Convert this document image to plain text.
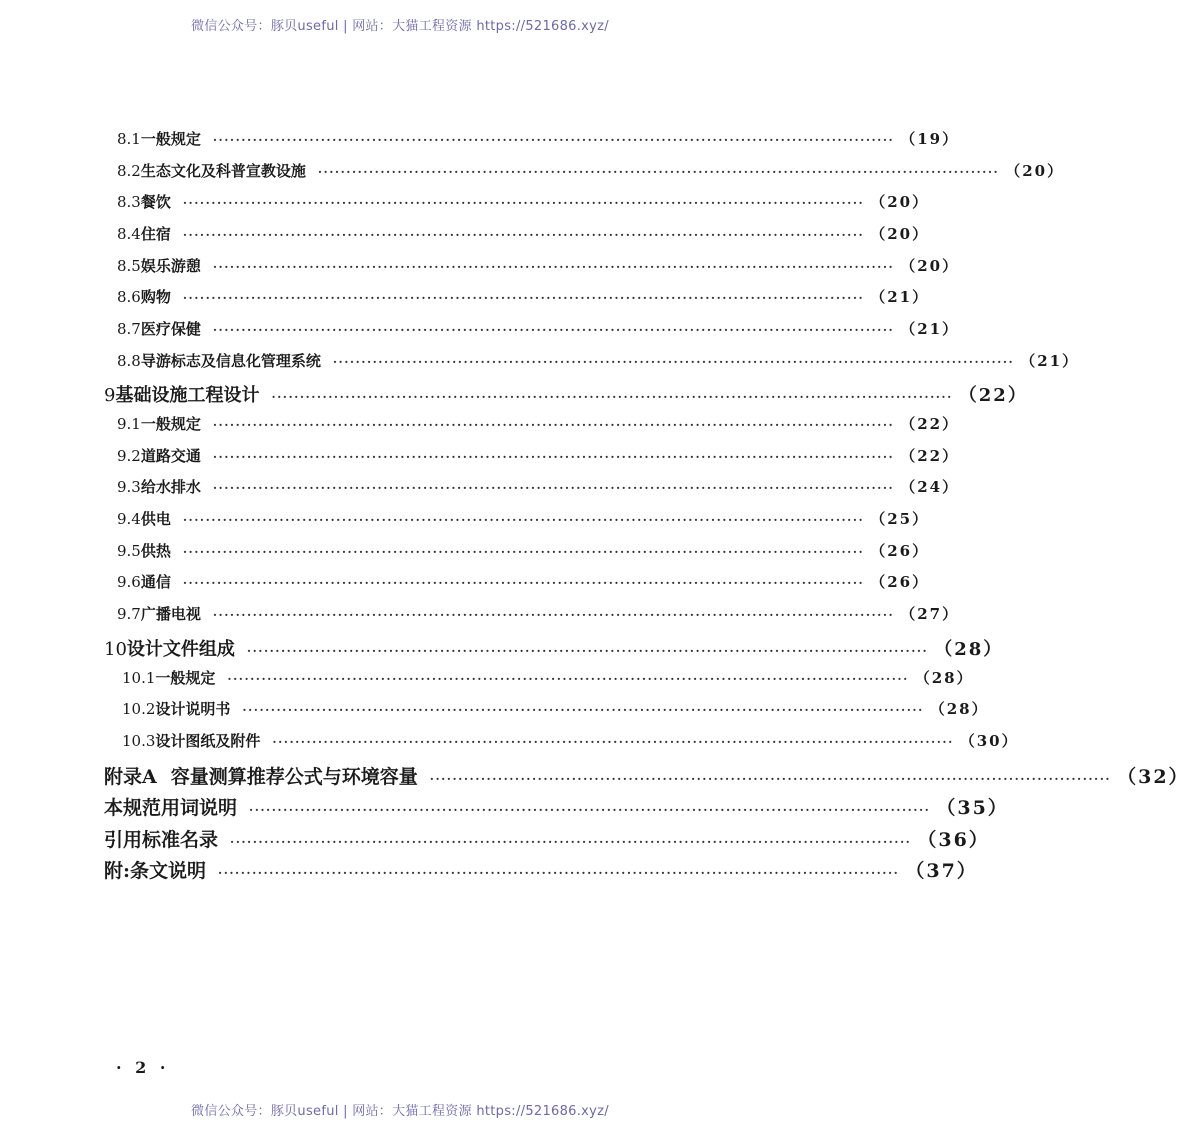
微信公众号：豚贝useful | 网站：大猫工程资源 https://521686.xyz/
8.1 一般规定 ························································································································ （19）
8.2 生态文化及科普宣教设施 ························································································································ （20）
8.3 餐饮 ························································································································ （20）
8.4 住宿 ························································································································ （20）
8.5 娱乐游憩 ························································································································ （20）
8.6 购物 ························································································································ （21）
8.7 医疗保健 ························································································································ （21）
8.8 导游标志及信息化管理系统 ························································································································ （21）
9 基础设施工程设计 ························································································································ （22）
9.1 一般规定 ························································································································ （22）
9.2 道路交通 ························································································································ （22）
9.3 给水排水 ························································································································ （24）
9.4 供电 ························································································································ （25）
9.5 供热 ························································································································ （26）
9.6 通信 ························································································································ （26）
9.7 广播电视 ························································································································ （27）
10 设计文件组成 ························································································································ （28）
10.1 一般规定 ························································································································ （28）
10.2 设计说明书 ························································································································ （28）
10.3 设计图纸及附件 ························································································································ （30）
附录A 容量测算推荐公式与环境容量 ························································································································ （32）
本规范用词说明 ························································································································ （35）
引用标准名录 ························································································································ （36）
附:条文说明 ························································································································ （37）
· 2 ·
微信公众号：豚贝useful | 网站：大猫工程资源 https://521686.xyz/
